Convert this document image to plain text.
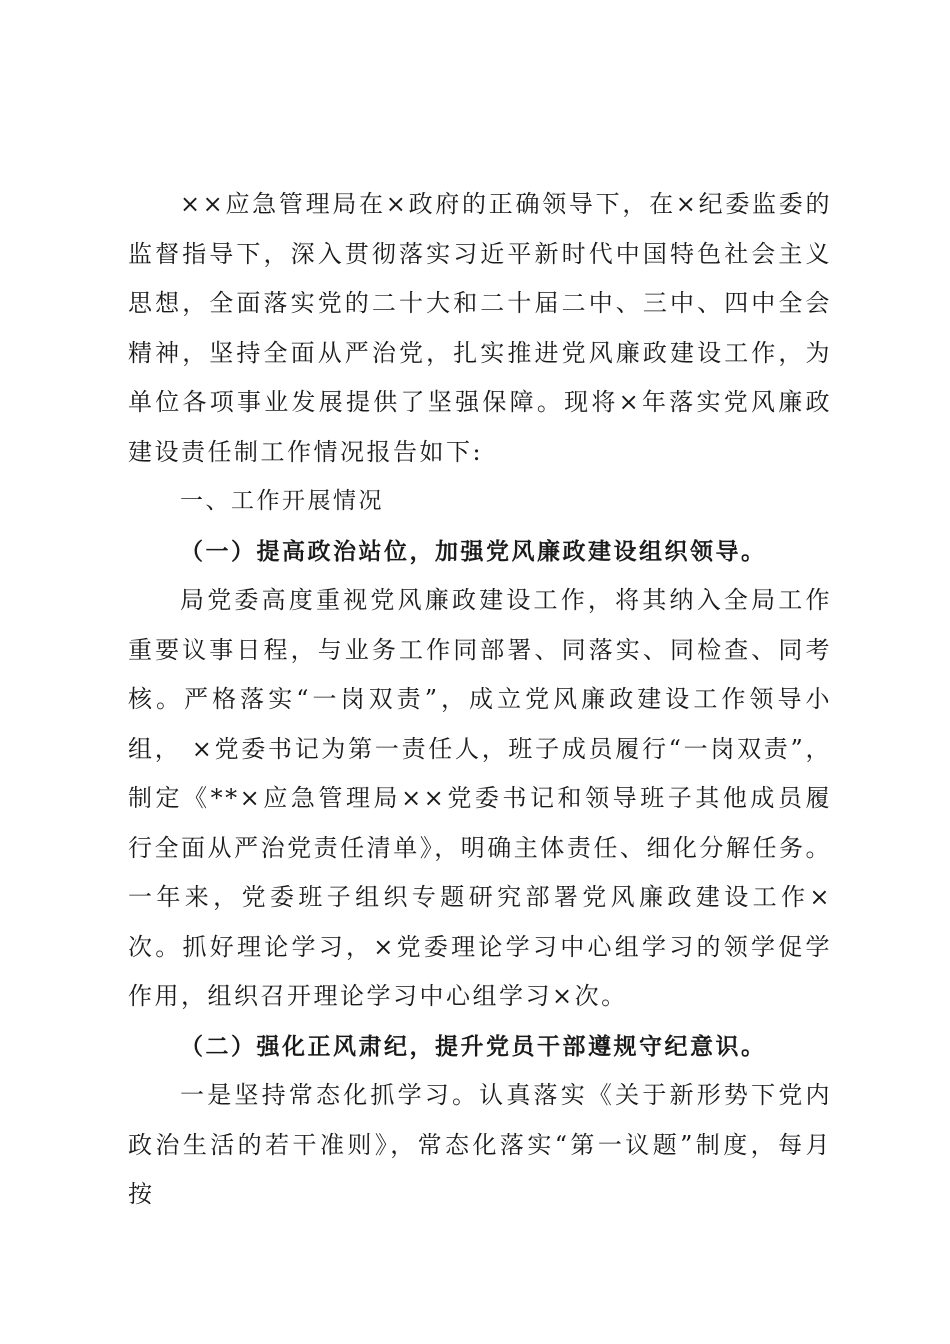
××应急管理局在×政府的正确领导下，在×纪委监委的监督指导下，深入贯彻落实习近平新时代中国特色社会主义思想，全面落实党的二十大和二十届二中、三中、四中全会精神，坚持全面从严治党，扎实推进党风廉政建设工作，为单位各项事业发展提供了坚强保障。现将×年落实党风廉政建设责任制工作情况报告如下:

一、工作开展情况

（一）提高政治站位，加强党风廉政建设组织领导。

局党委高度重视党风廉政建设工作，将其纳入全局工作重要议事日程，与业务工作同部署、同落实、同检查、同考核。严格落实“一岗双责”，成立党风廉政建设工作领导小组， ×党委书记为第一责任人，班子成员履行“一岗双责”，制定《**×应急管理局××党委书记和领导班子其他成员履行全面从严治党责任清单》，明确主体责任、细化分解任务。一年来，党委班子组织专题研究部署党风廉政建设工作×次。抓好理论学习，×党委理论学习中心组学习的领学促学作用，组织召开理论学习中心组学习×次。

（二）强化正风肃纪，提升党员干部遵规守纪意识。

一是坚持常态化抓学习。认真落实《关于新形势下党内政治生活的若干准则》，常态化落实“第一议题”制度，每月按
